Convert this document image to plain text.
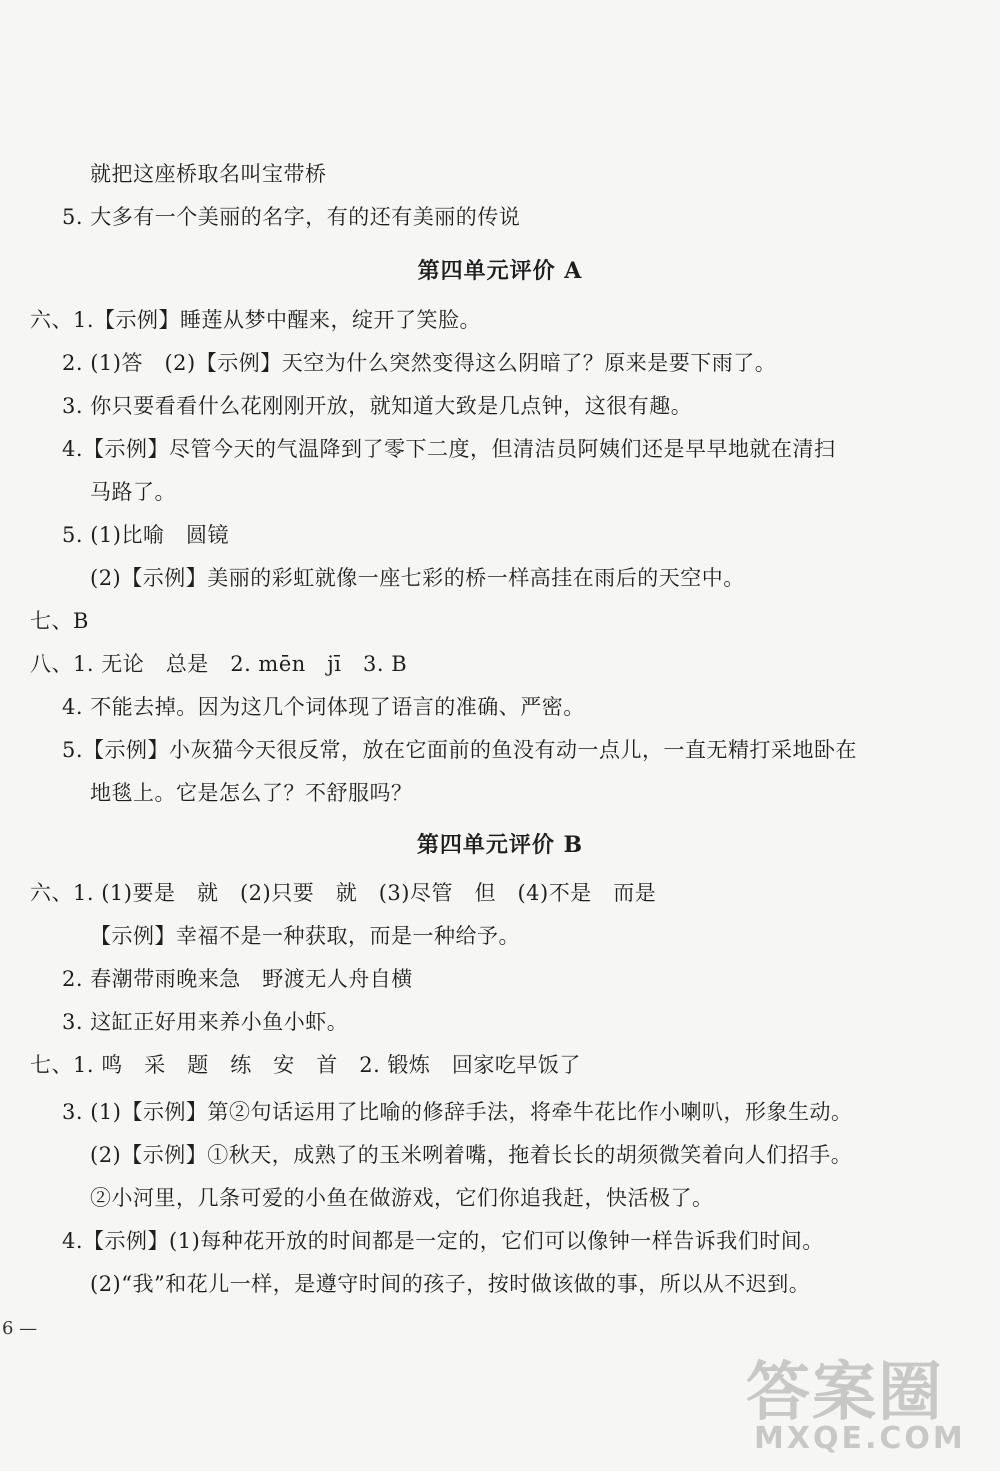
就把这座桥取名叫宝带桥
5. 大多有一个美丽的名字，有的还有美丽的传说
第四单元评价 A
六、1.【示例】睡莲从梦中醒来，绽开了笑脸。
2. (1)答　(2)【示例】天空为什么突然变得这么阴暗了？原来是要下雨了。
3. 你只要看看什么花刚刚开放，就知道大致是几点钟，这很有趣。
4.【示例】尽管今天的气温降到了零下二度，但清洁员阿姨们还是早早地就在清扫
马路了。
5. (1)比喻　圆镜
(2)【示例】美丽的彩虹就像一座七彩的桥一样高挂在雨后的天空中。
七、B
八、1. 无论　总是　2. mēn　jī　3. B
4. 不能去掉。因为这几个词体现了语言的准确、严密。
5.【示例】小灰猫今天很反常，放在它面前的鱼没有动一点儿，一直无精打采地卧在
地毯上。它是怎么了？不舒服吗？
第四单元评价 B
六、1. (1)要是　就　(2)只要　就　(3)尽管　但　(4)不是　而是
【示例】幸福不是一种获取，而是一种给予。
2. 春潮带雨晚来急　野渡无人舟自横
3. 这缸正好用来养小鱼小虾。
七、1. 鸣　采　题　练　安　首　2. 锻炼　回家吃早饭了
3. (1)【示例】第②句话运用了比喻的修辞手法，将牵牛花比作小喇叭，形象生动。
(2)【示例】①秋天，成熟了的玉米咧着嘴，拖着长长的胡须微笑着向人们招手。
②小河里，几条可爱的小鱼在做游戏，它们你追我赶，快活极了。
4.【示例】(1)每种花开放的时间都是一定的，它们可以像钟一样告诉我们时间。
(2)“我”和花儿一样，是遵守时间的孩子，按时做该做的事，所以从不迟到。
6 —
答案圈
MXQE.COM
